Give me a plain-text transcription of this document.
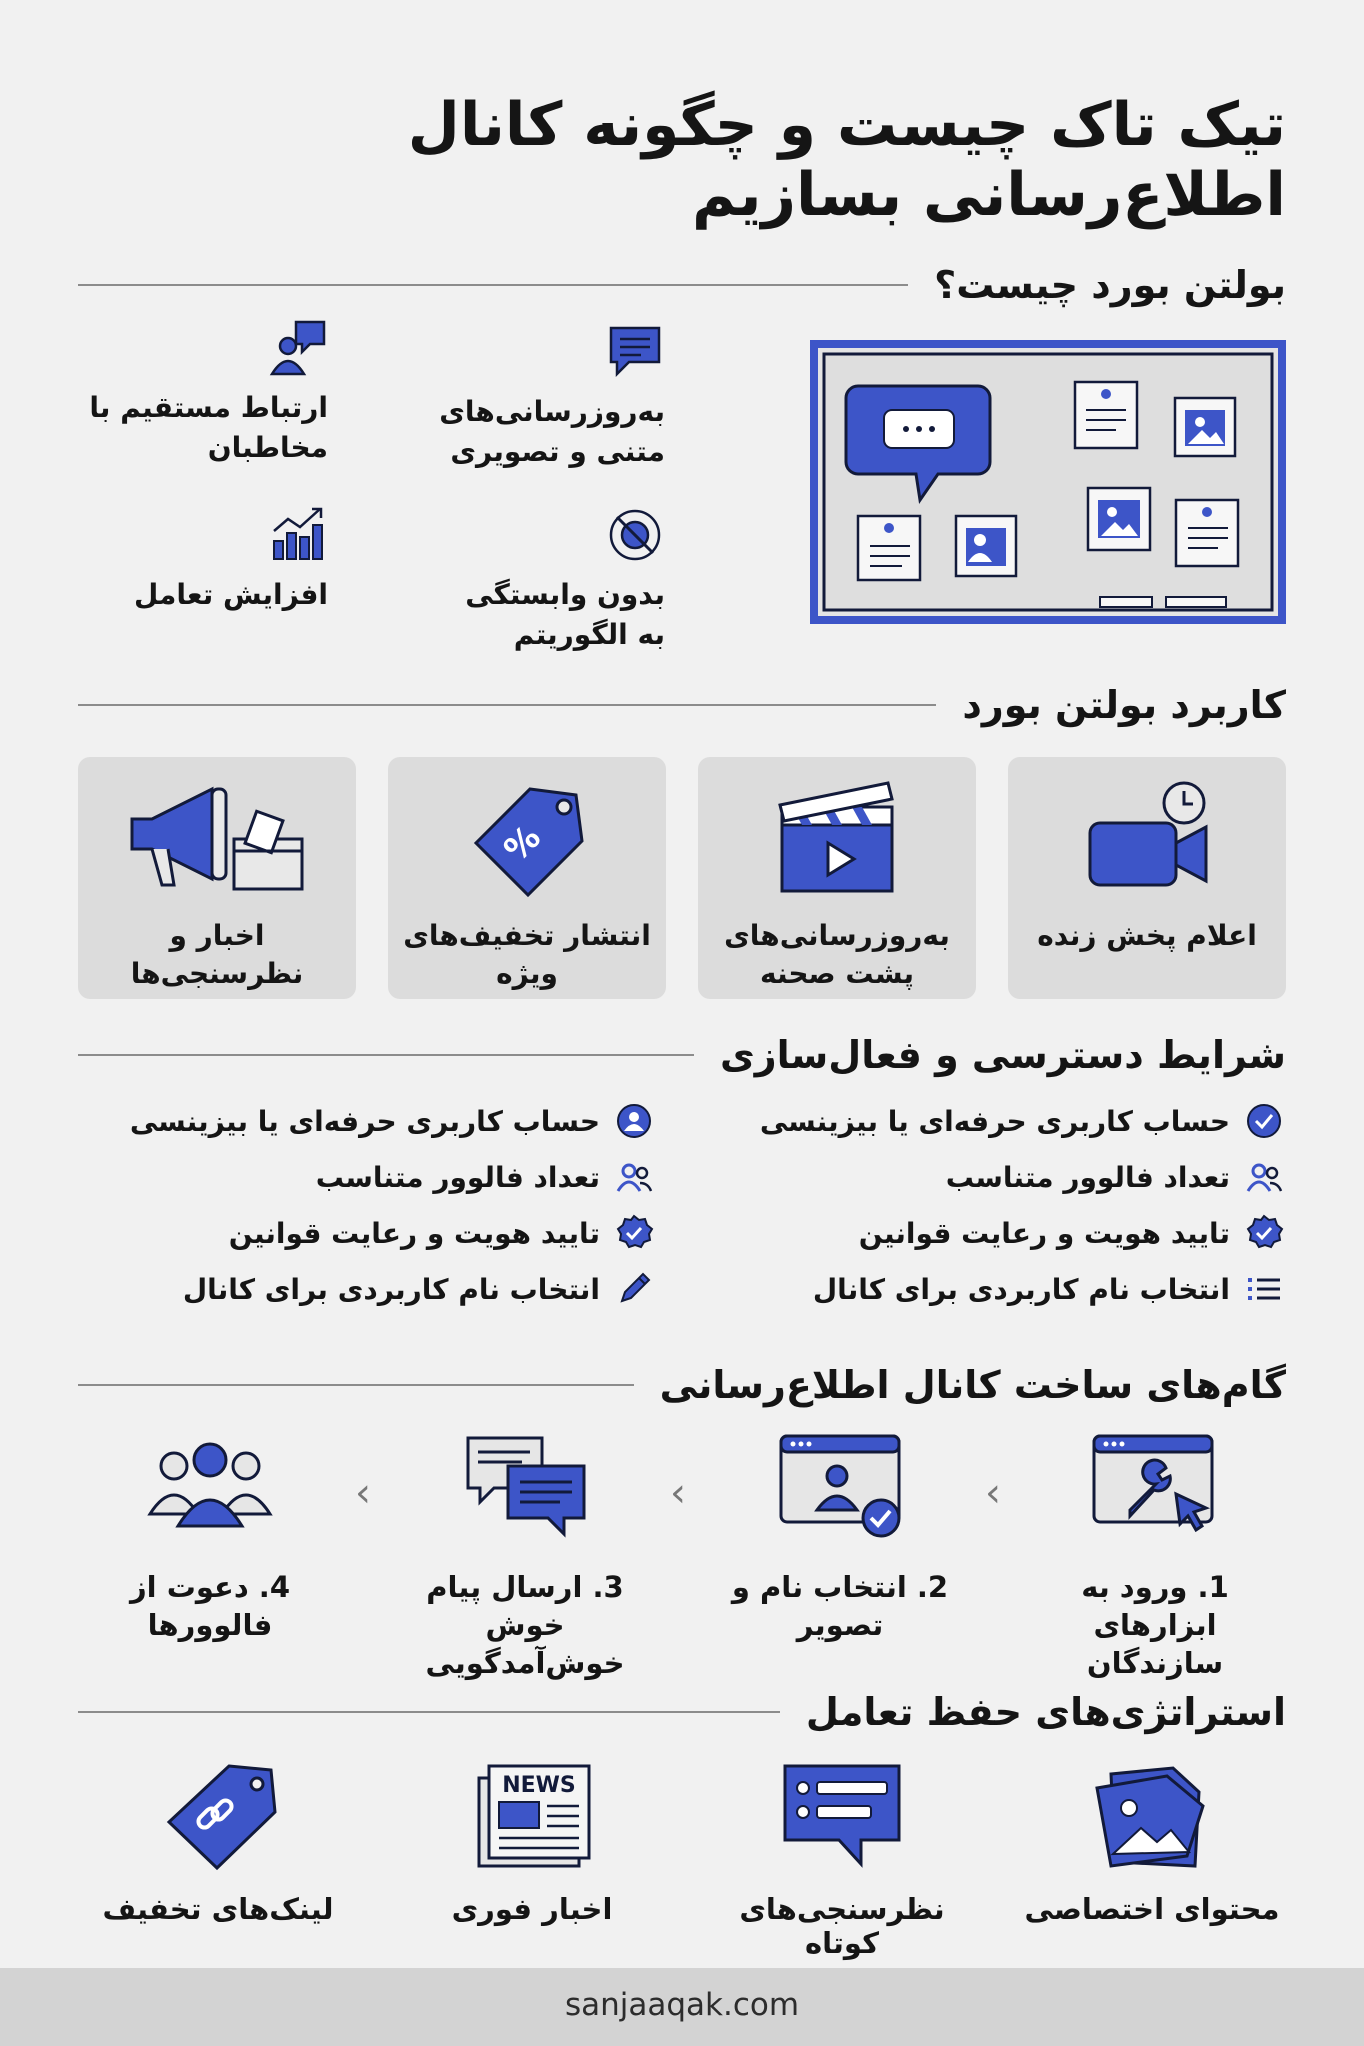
تیک تاک چیست و چگونه کانال اطلاع‌رسانی بسازیم
بولتن بورد چیست؟
به‌روزرسانی‌های
متنی و تصویری
ارتباط مستقیم با
مخاطبان
بدون وابستگی
به الگوریتم
افزایش تعامل
کاربرد بولتن بورد
اعلام پخش زنده
به‌روزرسانی‌های پشت صحنه
%
انتشار تخفیف‌های ویژه
اخبار و نظرسنجی‌ها
شرایط دسترسی و فعال‌سازی
حساب کاربری حرفه‌ای یا بیزینسی
تعداد فالوور متناسب
تایید هویت و رعایت قوانین
انتخاب نام کاربردی برای کانال
حساب کاربری حرفه‌ای یا بیزینسی
تعداد فالوور متناسب
تایید هویت و رعایت قوانین
انتخاب نام کاربردی برای کانال
گام‌های ساخت کانال اطلاع‌رسانی
1. ورود به ابزارهای
سازندگان
‹
2. انتخاب نام و تصویر
‹
3. ارسال پیام خوش
خوش‌آمدگویی
‹
4. دعوت از فالوورها
استراتژی‌های حفظ تعامل
محتوای اختصاصی
نظرسنجی‌های کوتاه
NEWS
اخبار فوری
لینک‌های تخفیف
sanjaaqak.com
